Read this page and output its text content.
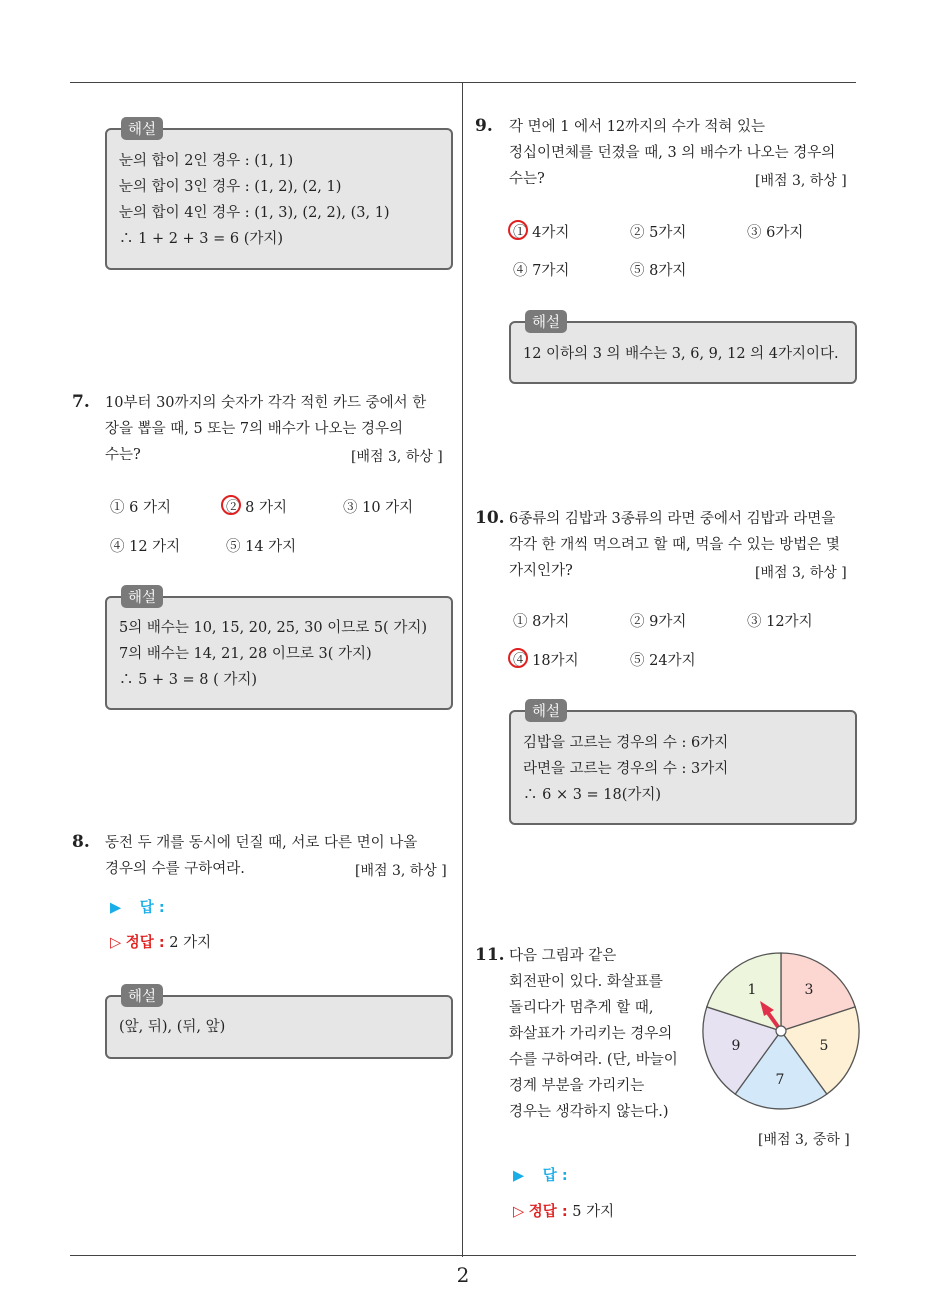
2
해설
눈의 합이 2인 경우 : (1, 1)
눈의 합이 3인 경우 : (1, 2), (2, 1)
눈의 합이 4인 경우 : (1, 3), (2, 2), (3, 1)
∴ 1 + 2 + 3 = 6 (가지)
7. 10부터 30까지의 숫자가 각각 적힌 카드 중에서 한
장을 뽑을 때, 5 또는 7의 배수가 나오는 경우의
수는?	[배점 3, 하상 ]
① 6 가지	② 8 가지	③ 10 가지
④ 12 가지	⑤ 14 가지
해설
5의 배수는 10, 15, 20, 25, 30 이므로 5( 가지)
7의 배수는 14, 21, 28 이므로 3( 가지)
∴ 5 + 3 = 8 ( 가지)
8. 동전 두 개를 동시에 던질 때, 서로 다른 면이 나올
경우의 수를 구하여라.	[배점 3, 하상 ]
▶ 답 :
▷ 정답 : 2 가지
해설
(앞, 뒤), (뒤, 앞)
9. 각 면에 1 에서 12까지의 수가 적혀 있는
정십이면체를 던졌을 때, 3 의 배수가 나오는 경우의
수는?	[배점 3, 하상 ]
① 4가지	② 5가지	③ 6가지
④ 7가지	⑤ 8가지
해설
12 이하의 3 의 배수는 3, 6, 9, 12 의 4가지이다.
10. 6종류의 김밥과 3종류의 라면 중에서 김밥과 라면을
각각 한 개씩 먹으려고 할 때, 먹을 수 있는 방법은 몇
가지인가?	[배점 3, 하상 ]
① 8가지	② 9가지	③ 12가지
④ 18가지	⑤ 24가지
해설
김밥을 고르는 경우의 수 : 6가지
라면을 고르는 경우의 수 : 3가지
∴ 6 × 3 = 18(가지)
11. 다음 그림과 같은
회전판이 있다. 화살표를
돌리다가 멈추게 할 때,
화살표가 가리키는 경우의
수를 구하여라. (단, 바늘이
경계 부분을 가리키는
경우는 생각하지 않는다.)
1	3
5
7
9
[배점 3, 중하 ]
▶ 답 :
▷ 정답 : 5 가지
